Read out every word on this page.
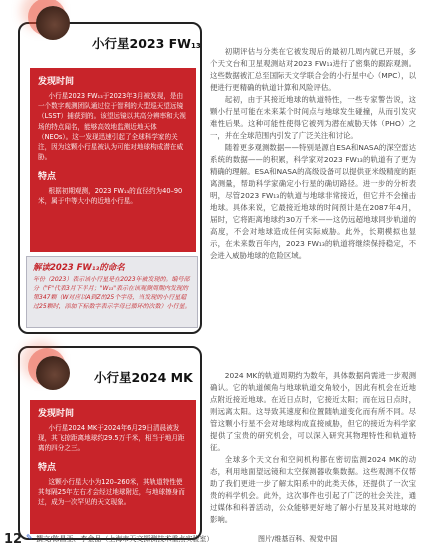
小行星2023 FW13
发现时间
小行星2023 FW₁₃于2023年3月被发现，是由一个数字观测团队通过位于智利的大型巡天望远镜（LSST）捕获到的。该望远镜以其高分辨率和大视场的特点闻名，能够高效地监测近地天体（NEOs）。这一发现迅速引起了全球科学家的关注，因为这颗小行星被认为可能对地球构成潜在威胁。
特点
根据初期观测，2023 FW₁₃的直径约为40–90米，属于中等大小的近地小行星。
解读2023 FW₁₃的命名
年份（2023）表示该小行星是在2023年被发现的。编号部分（"F"代表3月下半月；"W₁₃"表示在该观测周期内发现的第347颗（W对应以A到Z的25个字母，当发现的小行星超过25颗时，添加下标数字表示字母已循环的次数）小行星。

初期评估与分类在它被发现后的最初几周内就已开展，多个天文台和卫星观测站对2023 FW₁₃进行了密集的跟踪观测。这些数据被汇总至国际天文学联合会的小行星中心（MPC），以便进行更精确的轨道计算和风险评估。

起初，由于其接近地球的轨道特性，一些专家警告说，这颗小行星可能在未来某个时间点与地球发生碰撞，从而引发灾难性后果。这种可能性使得它被列为潜在威胁天体（PHO）之一，并在全球范围内引发了广泛关注和讨论。

随着更多观测数据——特别是源自ESA和NASA的深空雷达系统的数据——的积累，科学家对2023 FW₁₃的轨道有了更为精确的理解。ESA和NASA的高级设备可以提供亚米级精度的距离测量，帮助科学家确定小行星的确切路径。进一步的分析表明，尽管2023 FW₁₃的轨道与地球非常接近，但它并不会撞击地球。具体来说，它最接近地球的时间预计是在2087年4月，届时，它将距离地球约30万千米——这仍远超地球同步轨道的高度，不会对地球造成任何实际威胁。此外，长期模拟也显示，在未来数百年内，2023 FW₁₃的轨道将继续保持稳定，不会进入威胁地球的危险区域。

小行星2024 MK
发现时间
小行星2024 MK于2024年6月29日清晨被发现，其飞掠距离地球约29.5万千米，相当于地月距离的四分之三。
特点
这颗小行星大小为120–260米，其轨道特性使其每隔25年左右才会经过地球附近，与地球擦身而过，成为一次罕见的天文现象。

2024 MK的轨道周期约为数年，具体数据尚需进一步观测确认。它的轨道倾角与地球轨道交角较小，因此有机会在近地点附近接近地球。在近日点时，它接近太阳；而在远日点时，则远离太阳。这导致其速度和位置随轨道变化而有所不同。尽管这颗小行星不会对地球构成直接威胁，但它的接近为科学家提供了宝贵的研究机会，可以深入研究其物理特性和轨道特征。

全球多个天文台和空间机构都在密切监测2024 MK的动态，利用地面望远镜和太空探测器收集数据。这些观测不仅帮助了我们更进一步了解太阳系中的此类天体，还提供了一次宝贵的科学机会。此外，这次事件也引起了广泛的社会关注，通过媒体和科普活动，公众能够更好地了解小行星及其对地球的影响。

12 ✎ 撰文/陈昌亚、李金品（上海市天文探测技术重点实验室）	图片/维基百科、视觉中国
